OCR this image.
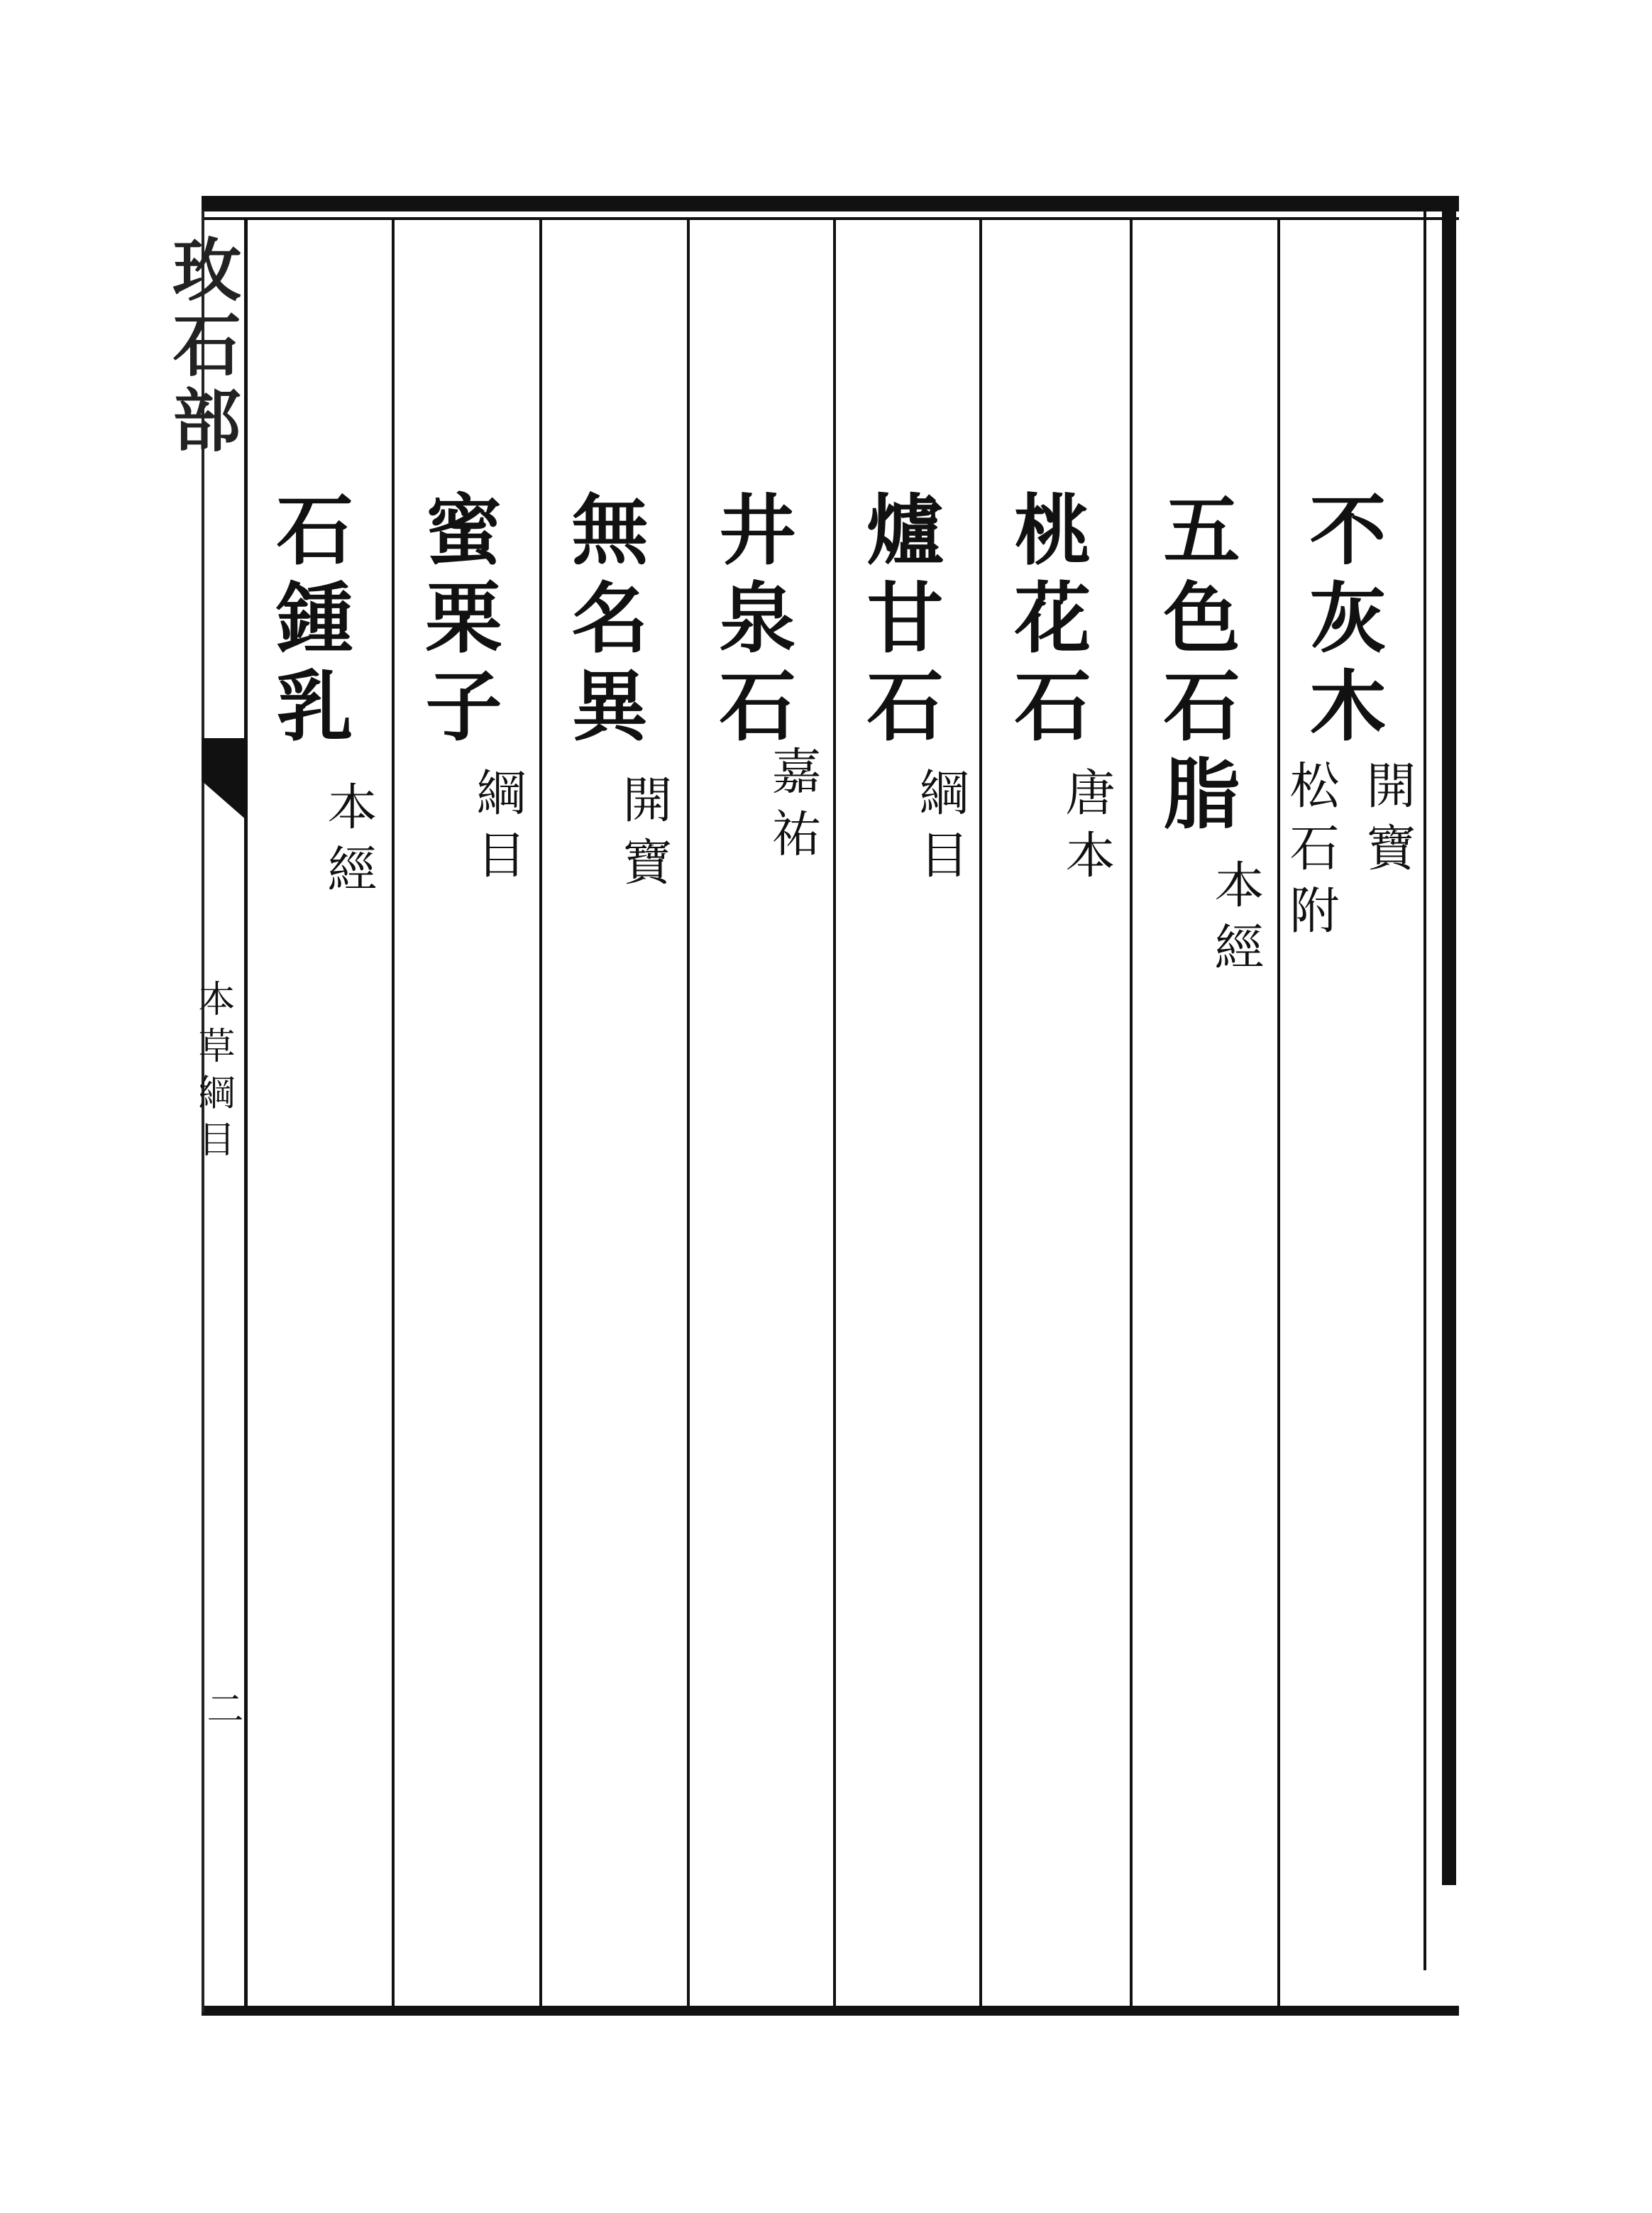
玫石部
本草綱目
二
不灰木
開寶
松石附
五色石脂
本經
桃花石
唐本
爐甘石
綱目
井泉石
嘉祐
無名異
開寶
蜜栗子
綱目
石鍾乳
本經
